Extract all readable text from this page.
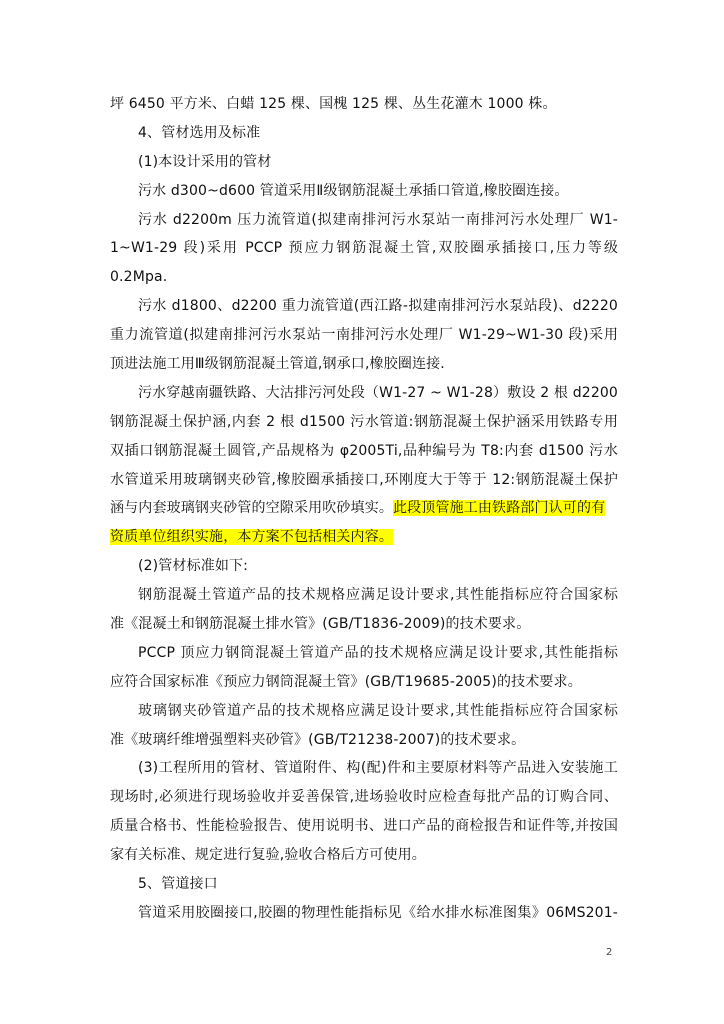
坪 6450 平方米、白蜡 125 棵、国槐 125 棵、丛生花灌木 1000 株。
4、管材选用及标准
(1)本设计采用的管材
污水 d300~d600 管道采用Ⅱ级钢筋混凝土承插口管道,橡胶圈连接。
污水 d2200m 压力流管道(拟建南排河污水泵站一南排河污水处理厂 W1-
1~W1-29 段)采用 PCCP 预应力钢筋混凝土管,双胶圈承插接口,压力等级
0.2Mpa.
污水 d1800、d2200 重力流管道(西江路-拟建南排河污水泵站段)、d2220
重力流管道(拟建南排河污水泵站一南排河污水处理厂 W1-29~W1-30 段)采用
顶进法施工用Ⅲ级钢筋混凝土管道,钢承口,橡胶圈连接.
污水穿越南疆铁路、大沽排污河处段（W1-27 ~ W1-28）敷设 2 根 d2200
钢筋混凝土保护涵,内套 2 根 d1500 污水管道:钢筋混凝土保护涵采用铁路专用
双插口钢筋混凝土圆管,产品规格为 φ2005Ti,品种编号为 T8:内套 d1500 污水
水管道采用玻璃钢夹砂管,橡胶圈承插接口,环刚度大于等于 12:钢筋混凝土保护
涵与内套玻璃钢夹砂管的空隙采用吹砂填实。此段顶管施工由铁路部门认可的有
资质单位组织实施，本方案不包括相关内容。
(2)管材标准如下:
钢筋混凝土管道产品的技术规格应满足设计要求,其性能指标应符合国家标
准《混凝土和钢筋混凝土排水管》(GB/T1836-2009)的技术要求。
PCCP 顶应力钢筒混凝土管道产品的技术规格应满足设计要求,其性能指标
应符合国家标准《预应力钢筒混凝土管》(GB/T19685-2005)的技术要求。
玻璃钢夹砂管道产品的技术规格应满足设计要求,其性能指标应符合国家标
准《玻璃纤维增强塑料夹砂管》(GB/T21238-2007)的技术要求。
(3)工程所用的管材、管道附件、构(配)件和主要原材料等产品进入安装施工
现场时,必须进行现场验收并妥善保管,进场验收时应检查每批产品的订购合同、
质量合格书、性能检验报告、使用说明书、进口产品的商检报告和证件等,并按国
家有关标准、规定进行复验,验收合格后方可使用。
5、管道接口
管道采用胶圈接口,胶圈的物理性能指标见《给水排水标准图集》06MS201-
2
